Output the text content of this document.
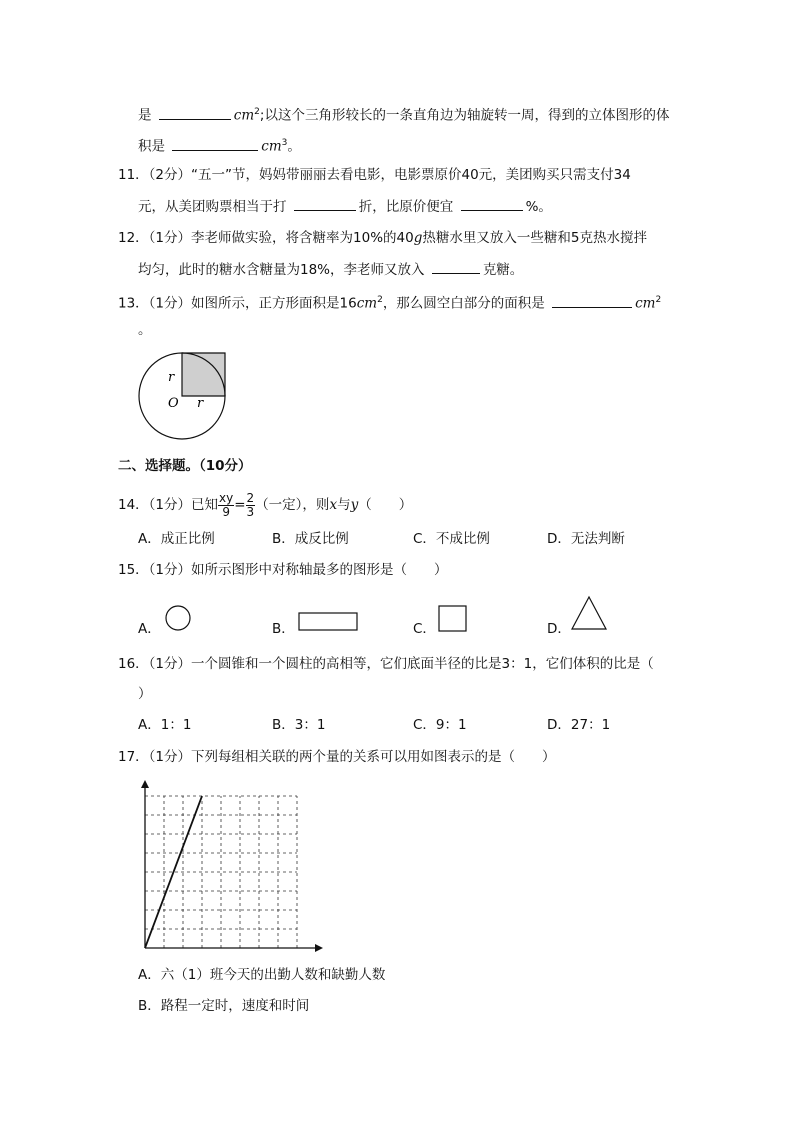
是	$cm^2$;以这个三角形较长的一条直角边为轴旋转一周，得到的立体图形的体
积是	$cm^3$。
11．（2分）“五一”节，妈妈带丽丽去看电影，电影票原价40元，美团购买只需支付34
元，从美团购票相当于打	折，比原价便宜	%。
12．（1分）李老师做实验，将含糖率为10%的40g热糖水里又放入一些糖和5克热水搅拌
均匀，此时的糖水含糖量为18%，李老师又放入	克糖。
13．（1分）如图所示，正方形面积是$16cm^2$，那么圆空白部分的面积是	$cm^2$
。
r
r
O
二、选择题。（10分）
14．（1分）已知 $\frac{xy}{9} = \frac{2}{3}$ （一定），则x与y（　　）
A．成正比例	B．成反比例	C．不成比例	D．无法判断
15．（1分）如所示图形中对称轴最多的图形是（　　）
A．	B．	C．	D．
16．（1分）一个圆锥和一个圆柱的高相等，它们底面半径的比是3：1，它们体积的比是（
）
A．1：1	B．3：1	C．9：1	D．27：1
17．（1分）下列每组相关联的两个量的关系可以用如图表示的是（　　）
A．六（1）班今天的出勤人数和缺勤人数
B．路程一定时，速度和时间
